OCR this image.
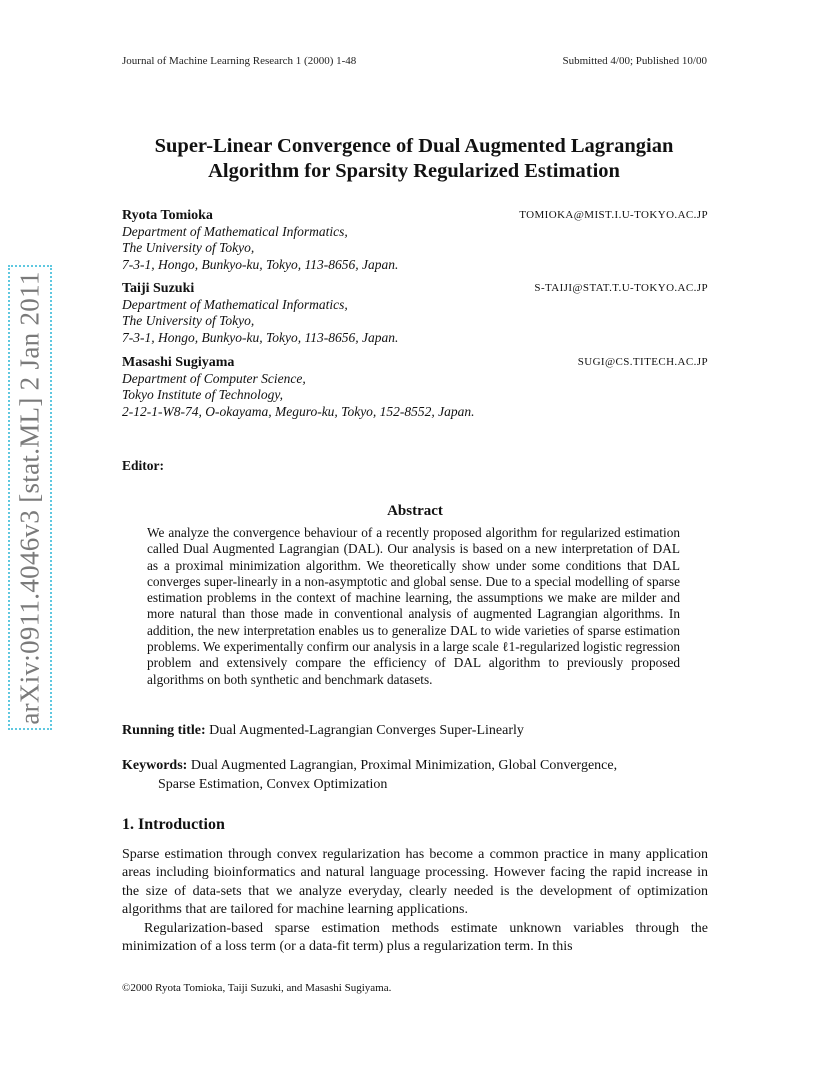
Journal of Machine Learning Research 1 (2000) 1-48	Submitted 4/00; Published 10/00
arXiv:0911.4046v3 [stat.ML] 2 Jan 2011
Super-Linear Convergence of Dual Augmented Lagrangian
Algorithm for Sparsity Regularized Estimation
Ryota Tomioka	TOMIOKA@MIST.I.U-TOKYO.AC.JP
Department of Mathematical Informatics,
The University of Tokyo,
7-3-1, Hongo, Bunkyo-ku, Tokyo, 113-8656, Japan.
Taiji Suzuki	S-TAIJI@STAT.T.U-TOKYO.AC.JP
Department of Mathematical Informatics,
The University of Tokyo,
7-3-1, Hongo, Bunkyo-ku, Tokyo, 113-8656, Japan.
Masashi Sugiyama	SUGI@CS.TITECH.AC.JP
Department of Computer Science,
Tokyo Institute of Technology,
2-12-1-W8-74, O-okayama, Meguro-ku, Tokyo, 152-8552, Japan.
Editor:
Abstract
We analyze the convergence behaviour of a recently proposed algorithm for regularized estimation called Dual Augmented Lagrangian (DAL). Our analysis is based on a new interpretation of DAL as a proximal minimization algorithm. We theoretically show under some conditions that DAL converges super-linearly in a non-asymptotic and global sense. Due to a special modelling of sparse estimation problems in the context of machine learning, the assumptions we make are milder and more natural than those made in conventional analysis of augmented Lagrangian algorithms. In addition, the new interpretation enables us to generalize DAL to wide varieties of sparse estimation problems. We experimentally confirm our analysis in a large scale ℓ1-regularized logistic regression problem and extensively compare the efficiency of DAL algorithm to previously proposed algorithms on both synthetic and benchmark datasets.
Running title: Dual Augmented-Lagrangian Converges Super-Linearly
Keywords: Dual Augmented Lagrangian, Proximal Minimization, Global Convergence,
Sparse Estimation, Convex Optimization
1. Introduction

Sparse estimation through convex regularization has become a common practice in many application areas including bioinformatics and natural language processing. However facing the rapid increase in the size of data-sets that we analyze everyday, clearly needed is the development of optimization algorithms that are tailored for machine learning applications.

Regularization-based sparse estimation methods estimate unknown variables through the minimization of a loss term (or a data-fit term) plus a regularization term. In this

©2000 Ryota Tomioka, Taiji Suzuki, and Masashi Sugiyama.
